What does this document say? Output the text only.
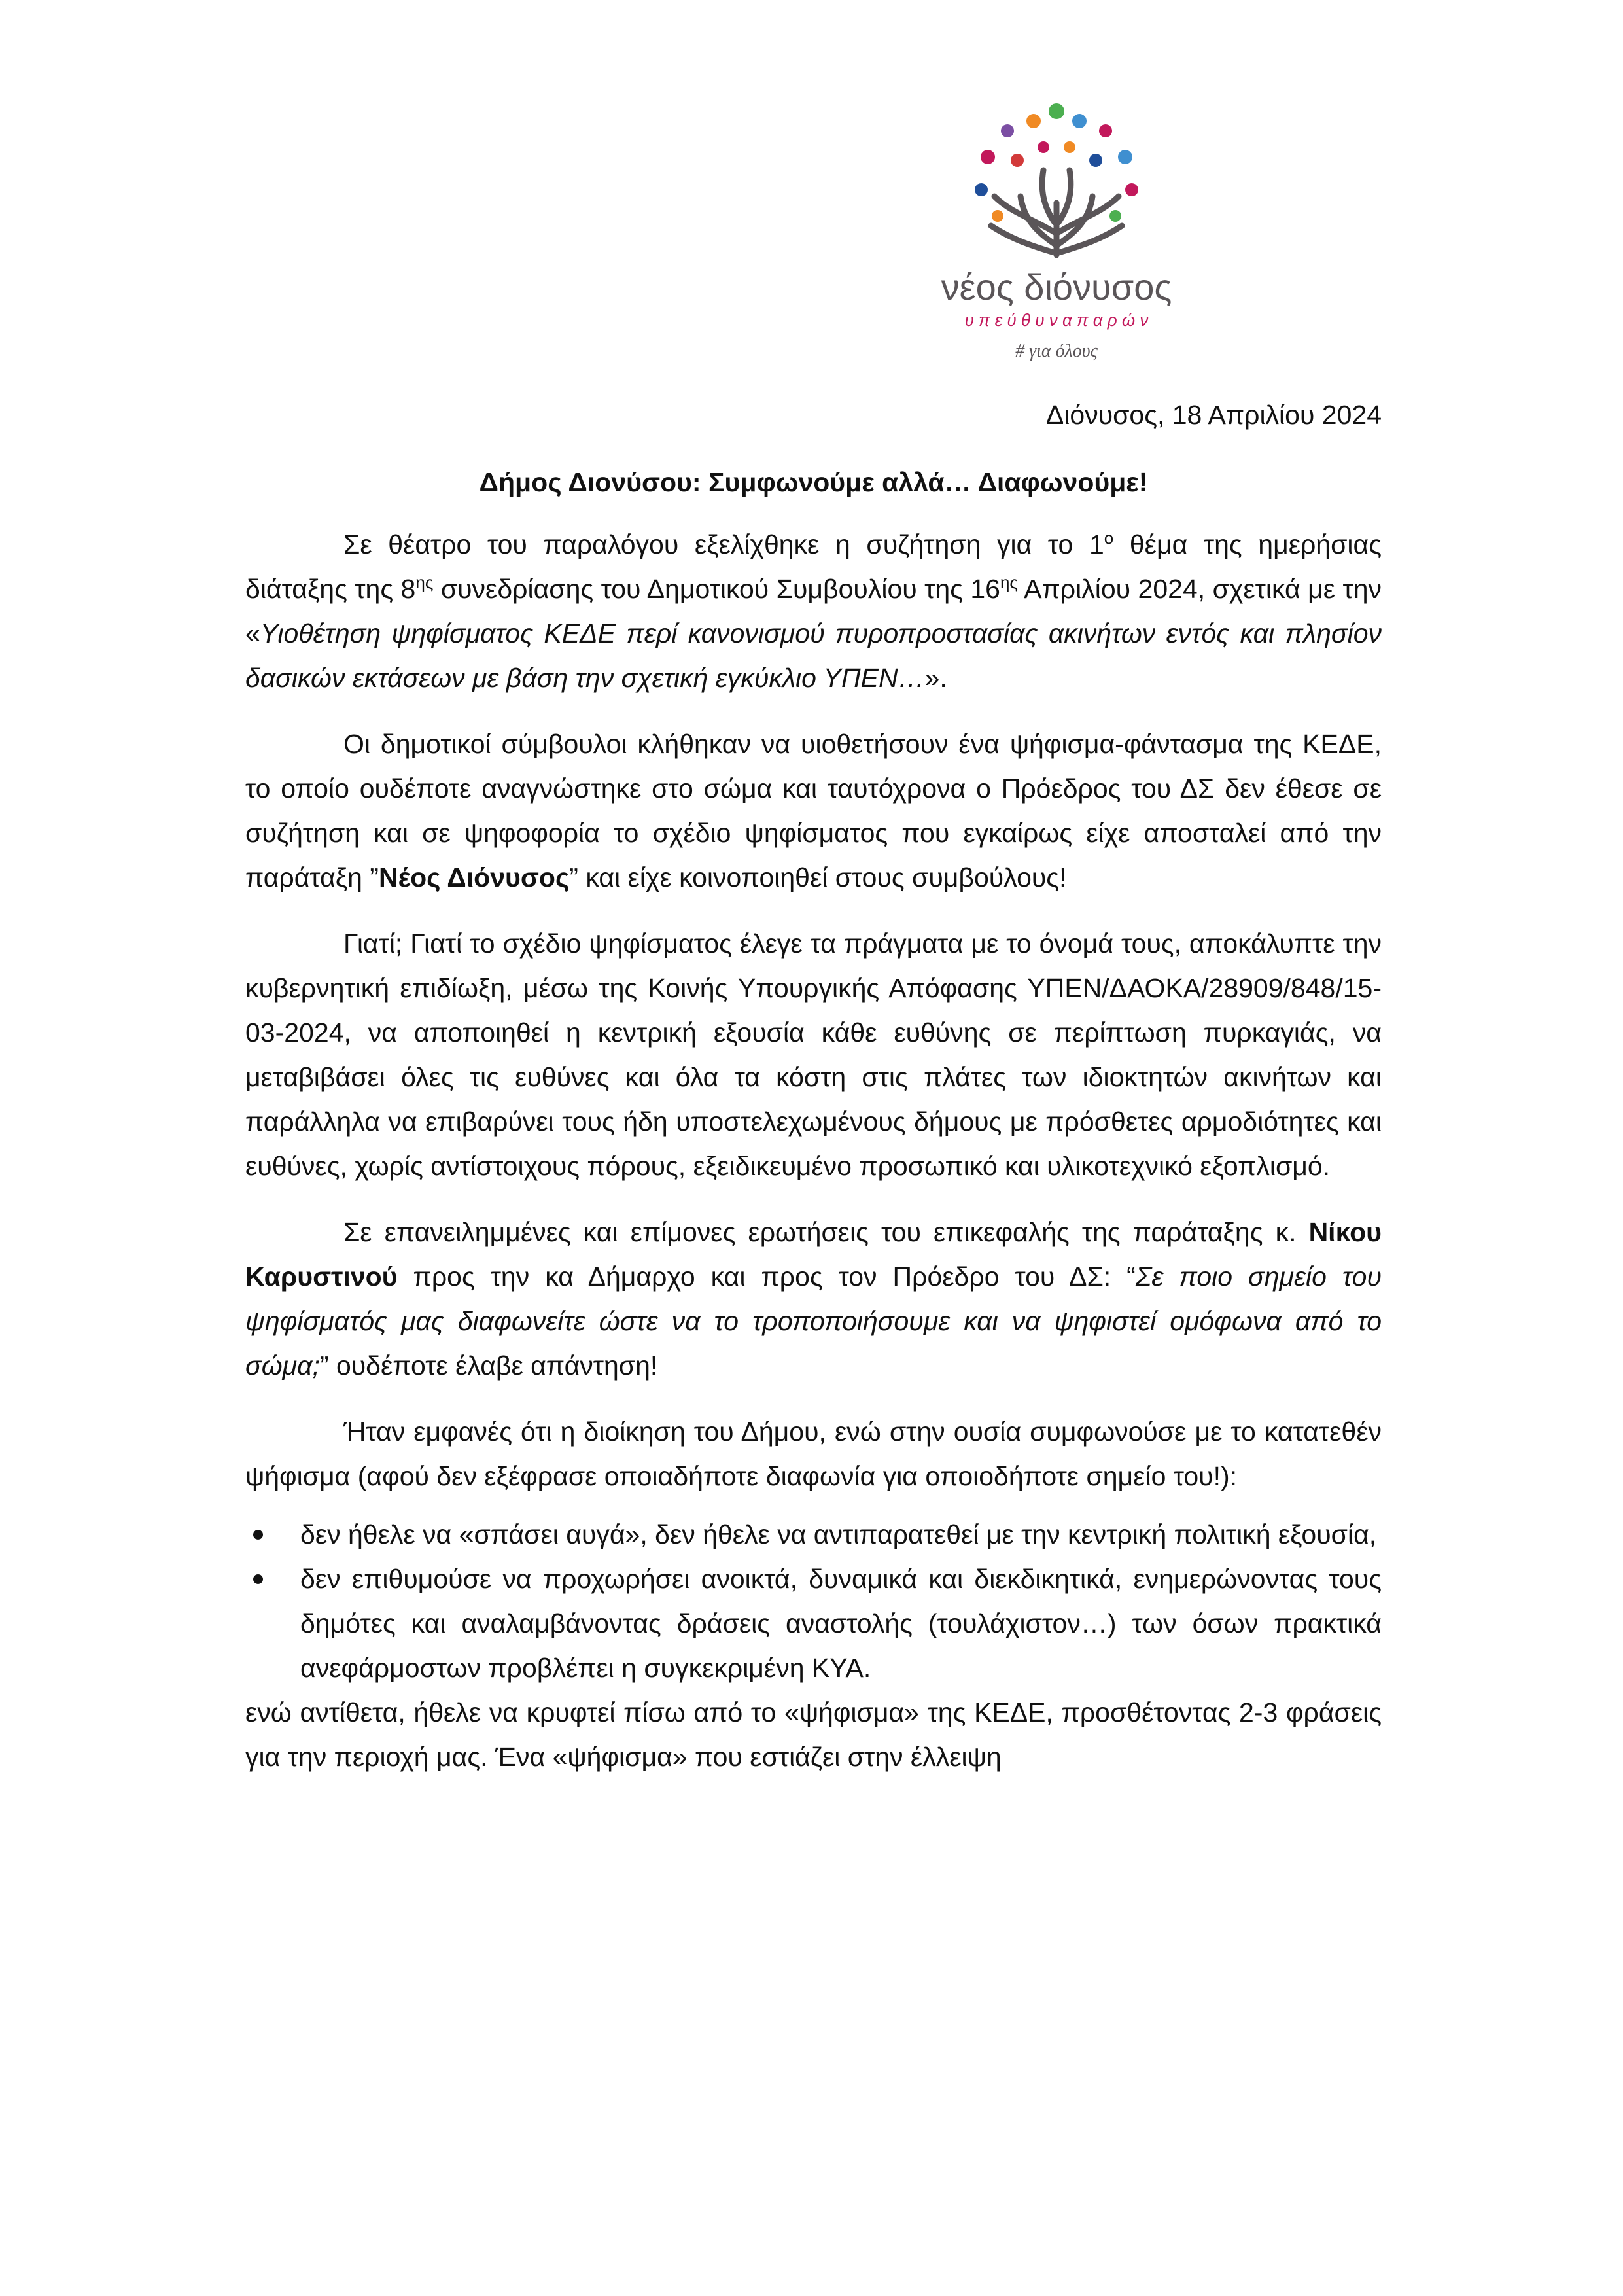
νέος διόνυσος
υ π ε ύ θ υ ν α π α ρ ώ ν
# για όλους
Διόνυσος, 18 Απριλίου 2024
Δήμος Διονύσου: Συμφωνούμε αλλά… Διαφωνούμε!

Σε θέατρο του παραλόγου εξελίχθηκε η συζήτηση για το $1^o$ θέμα της ημερήσιας διάταξης της $8^{\eta\varsigma}$ συνεδρίασης του Δημοτικού Συμβουλίου της $16^{\eta\varsigma}$ Απριλίου 2024, σχετικά με την «Υιοθέτηση ψηφίσματος ΚΕΔΕ περί κανονισμού πυροπροστασίας ακινήτων εντός και πλησίον δασικών εκτάσεων με βάση την σχετική εγκύκλιο ΥΠΕΝ…».

Οι δημοτικοί σύμβουλοι κλήθηκαν να υιοθετήσουν ένα ψήφισμα-φάντασμα της ΚΕΔΕ, το οποίο ουδέποτε αναγνώστηκε στο σώμα και ταυτόχρονα ο Πρόεδρος του ΔΣ δεν έθεσε σε συζήτηση και σε ψηφοφορία το σχέδιο ψηφίσματος που εγκαίρως είχε αποσταλεί από την παράταξη ”Νέος Διόνυσος” και είχε κοινοποιηθεί στους συμβούλους!

Γιατί; Γιατί το σχέδιο ψηφίσματος έλεγε τα πράγματα με το όνομά τους, αποκάλυπτε την κυβερνητική επιδίωξη, μέσω της Κοινής Υπουργικής Απόφασης ΥΠΕΝ/ΔΑΟΚΑ/28909/848/15-03-2024, να αποποιηθεί η κεντρική εξουσία κάθε ευθύνης σε περίπτωση πυρκαγιάς, να μεταβιβάσει όλες τις ευθύνες και όλα τα κόστη στις πλάτες των ιδιοκτητών ακινήτων και παράλληλα να επιβαρύνει τους ήδη υποστελεχωμένους δήμους με πρόσθετες αρμοδιότητες και ευθύνες, χωρίς αντίστοιχους πόρους, εξειδικευμένο προσωπικό και υλικοτεχνικό εξοπλισμό.

Σε επανειλημμένες και επίμονες ερωτήσεις του επικεφαλής της παράταξης κ. Νίκου Καρυστινού προς την κα Δήμαρχο και προς τον Πρόεδρο του ΔΣ: “Σε ποιο σημείο του ψηφίσματός μας διαφωνείτε ώστε να το τροποποιήσουμε και να ψηφιστεί ομόφωνα από το σώμα;” ουδέποτε έλαβε απάντηση!

Ήταν εμφανές ότι η διοίκηση του Δήμου, ενώ στην ουσία συμφωνούσε με το κατατεθέν ψήφισμα (αφού δεν εξέφρασε οποιαδήποτε διαφωνία για οποιοδήποτε σημείο του!):

δεν ήθελε να «σπάσει αυγά», δεν ήθελε να αντιπαρατεθεί με την κεντρική πολιτική εξουσία,
δεν επιθυμούσε να προχωρήσει ανοικτά, δυναμικά και διεκδικητικά, ενημερώνοντας τους δημότες και αναλαμβάνοντας δράσεις αναστολής (τουλάχιστον…) των όσων πρακτικά ανεφάρμοστων προβλέπει η συγκεκριμένη ΚΥΑ.

ενώ αντίθετα, ήθελε να κρυφτεί πίσω από το «ψήφισμα» της ΚΕΔΕ, προσθέτοντας 2-3 φράσεις για την περιοχή μας. Ένα «ψήφισμα» που εστιάζει στην έλλειψη
